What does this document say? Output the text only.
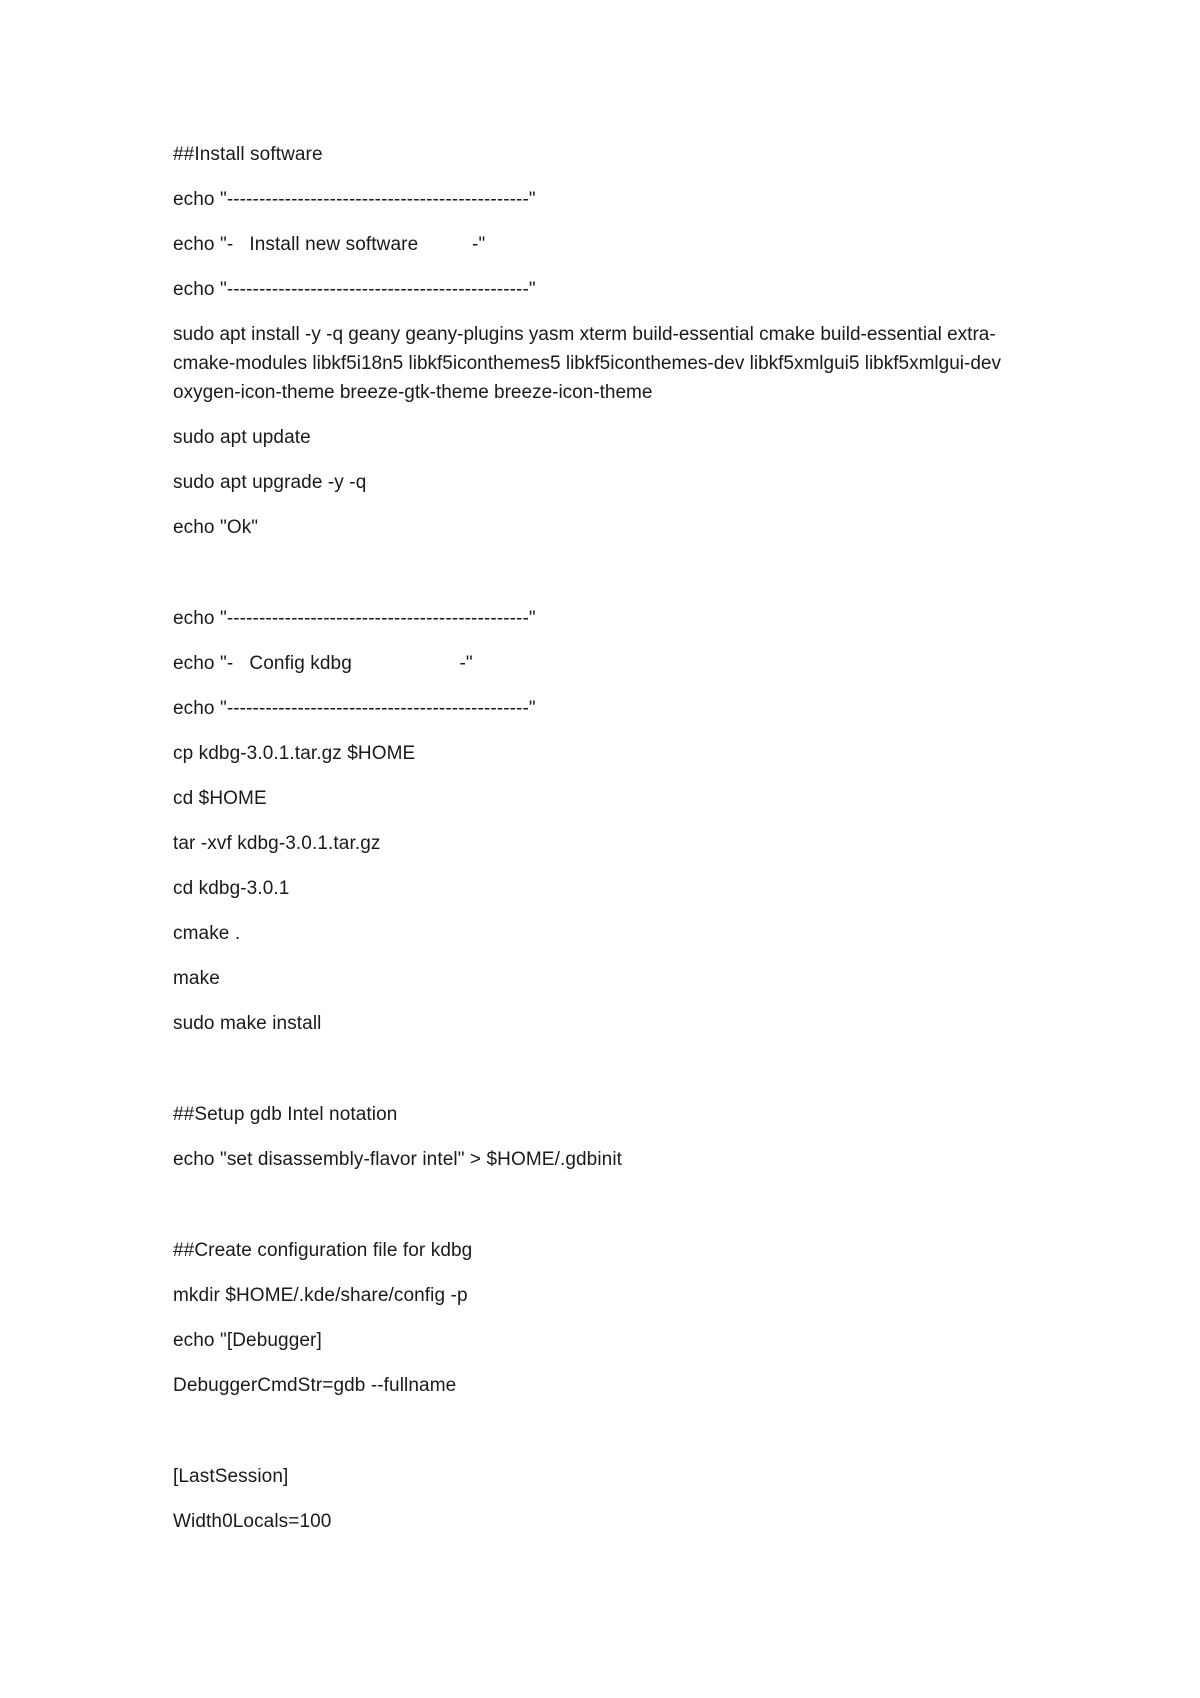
##Install software
echo "-----------------------------------------------"
echo "-   Install new software          -"
echo "-----------------------------------------------"
sudo apt install -y -q geany geany-plugins yasm xterm build-essential cmake build-essential extra-cmake-modules libkf5i18n5 libkf5iconthemes5 libkf5iconthemes-dev libkf5xmlgui5 libkf5xmlgui-dev oxygen-icon-theme breeze-gtk-theme breeze-icon-theme
sudo apt update
sudo apt upgrade -y -q
echo "Ok"
echo "-----------------------------------------------"
echo "-   Config kdbg                    -"
echo "-----------------------------------------------"
cp kdbg-3.0.1.tar.gz $HOME
cd $HOME
tar -xvf kdbg-3.0.1.tar.gz
cd kdbg-3.0.1
cmake .
make
sudo make install
##Setup gdb Intel notation
echo "set disassembly-flavor intel" > $HOME/.gdbinit
##Create configuration file for kdbg
mkdir $HOME/.kde/share/config -p
echo "[Debugger]
DebuggerCmdStr=gdb --fullname
[LastSession]
Width0Locals=100
